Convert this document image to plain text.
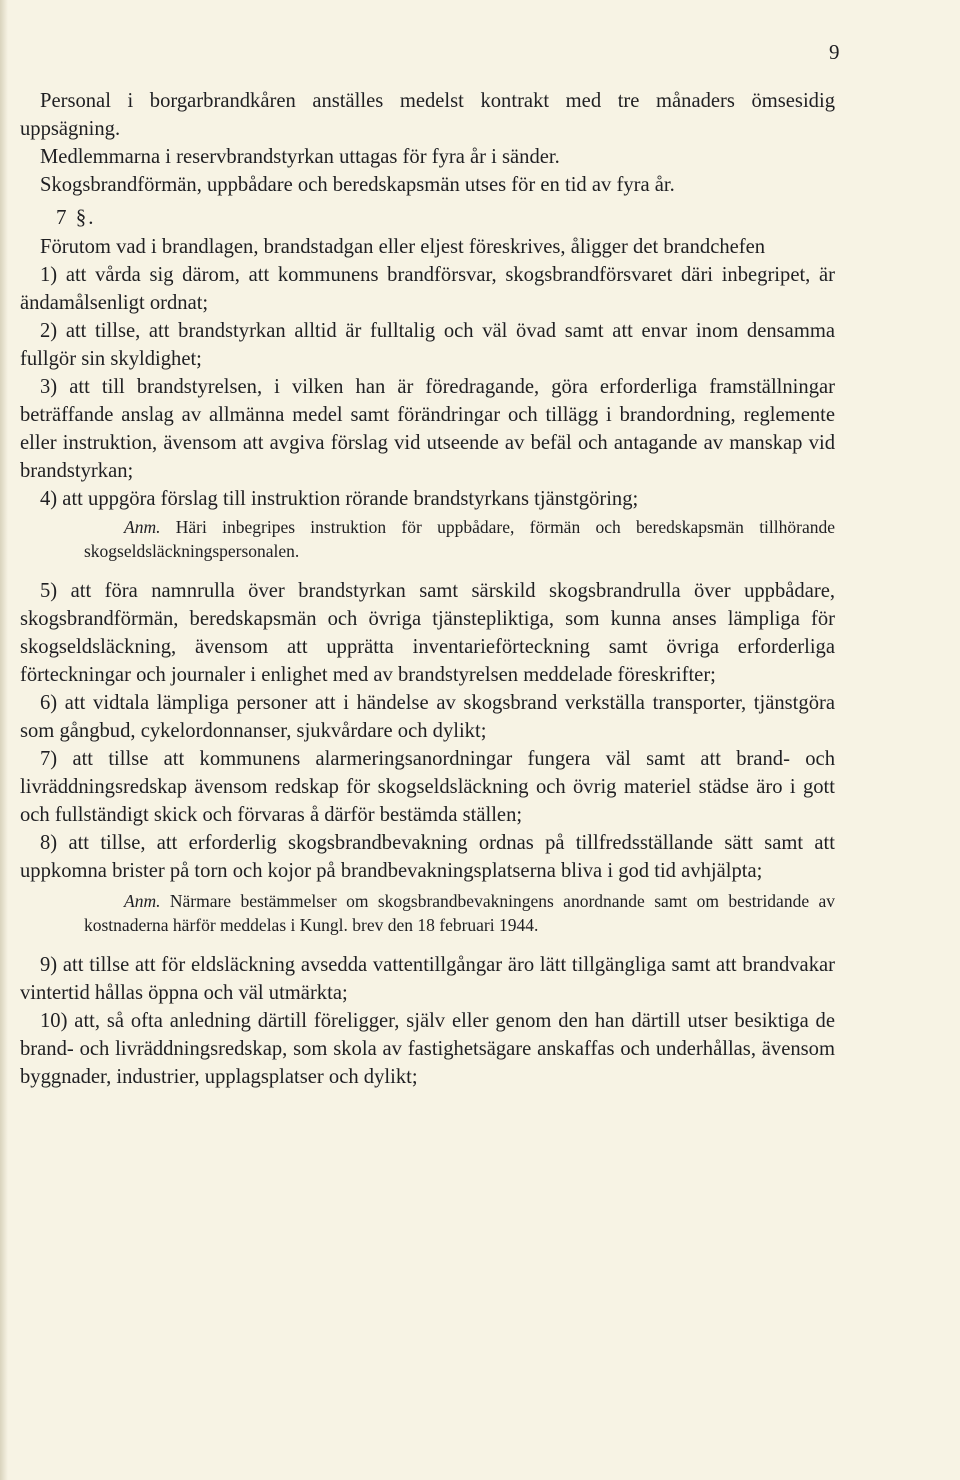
9

Personal i borgarbrandkåren anställes medelst kontrakt med tre månaders ömsesidig uppsägning.

Medlemmarna i reservbrandstyrkan uttagas för fyra år i sänder.

Skogsbrandförmän, uppbådare och beredskapsmän utses för en tid av fyra år.

7 §.

Förutom vad i brandlagen, brandstadgan eller eljest föreskrives, åligger det brandchefen

1) att vårda sig därom, att kommunens brandförsvar, skogsbrandförsvaret däri inbegripet, är ändamålsenligt ordnat;

2) att tillse, att brandstyrkan alltid är fulltalig och väl övad samt att envar inom densamma fullgör sin skyldighet;

3) att till brandstyrelsen, i vilken han är föredragande, göra erforderliga framställningar beträffande anslag av allmänna medel samt förändringar och tillägg i brandordning, reglemente eller instruktion, ävensom att avgiva förslag vid utseende av befäl och antagande av manskap vid brandstyrkan;

4) att uppgöra förslag till instruktion rörande brandstyrkans tjänstgöring;

Anm. Häri inbegripes instruktion för uppbådare, förmän och beredskapsmän tillhörande skogseldsläckningspersonalen.

5) att föra namnrulla över brandstyrkan samt särskild skogsbrandrulla över uppbådare, skogsbrandförmän, beredskapsmän och övriga tjänstepliktiga, som kunna anses lämpliga för skogseldsläckning, ävensom att upprätta inventarieförteckning samt övriga erforderliga förteckningar och journaler i enlighet med av brandstyrelsen meddelade föreskrifter;

6) att vidtala lämpliga personer att i händelse av skogsbrand verkställa transporter, tjänstgöra som gångbud, cykelordonnanser, sjukvårdare och dylikt;

7) att tillse att kommunens alarmeringsanordningar fungera väl samt att brand- och livräddningsredskap ävensom redskap för skogseldsläckning och övrig materiel städse äro i gott och fullständigt skick och förvaras å därför bestämda ställen;

8) att tillse, att erforderlig skogsbrandbevakning ordnas på tillfredsställande sätt samt att uppkomna brister på torn och kojor på brandbevakningsplatserna bliva i god tid avhjälpta;

Anm. Närmare bestämmelser om skogsbrandbevakningens anordnande samt om bestridande av kostnaderna härför meddelas i Kungl. brev den 18 februari 1944.

9) att tillse att för eldsläckning avsedda vattentillgångar äro lätt tillgängliga samt att brandvakar vintertid hållas öppna och väl utmärkta;

10) att, så ofta anledning därtill föreligger, själv eller genom den han därtill utser besiktiga de brand- och livräddningsredskap, som skola av fastighetsägare anskaffas och underhållas, ävensom byggnader, industrier, upplagsplatser och dylikt;
